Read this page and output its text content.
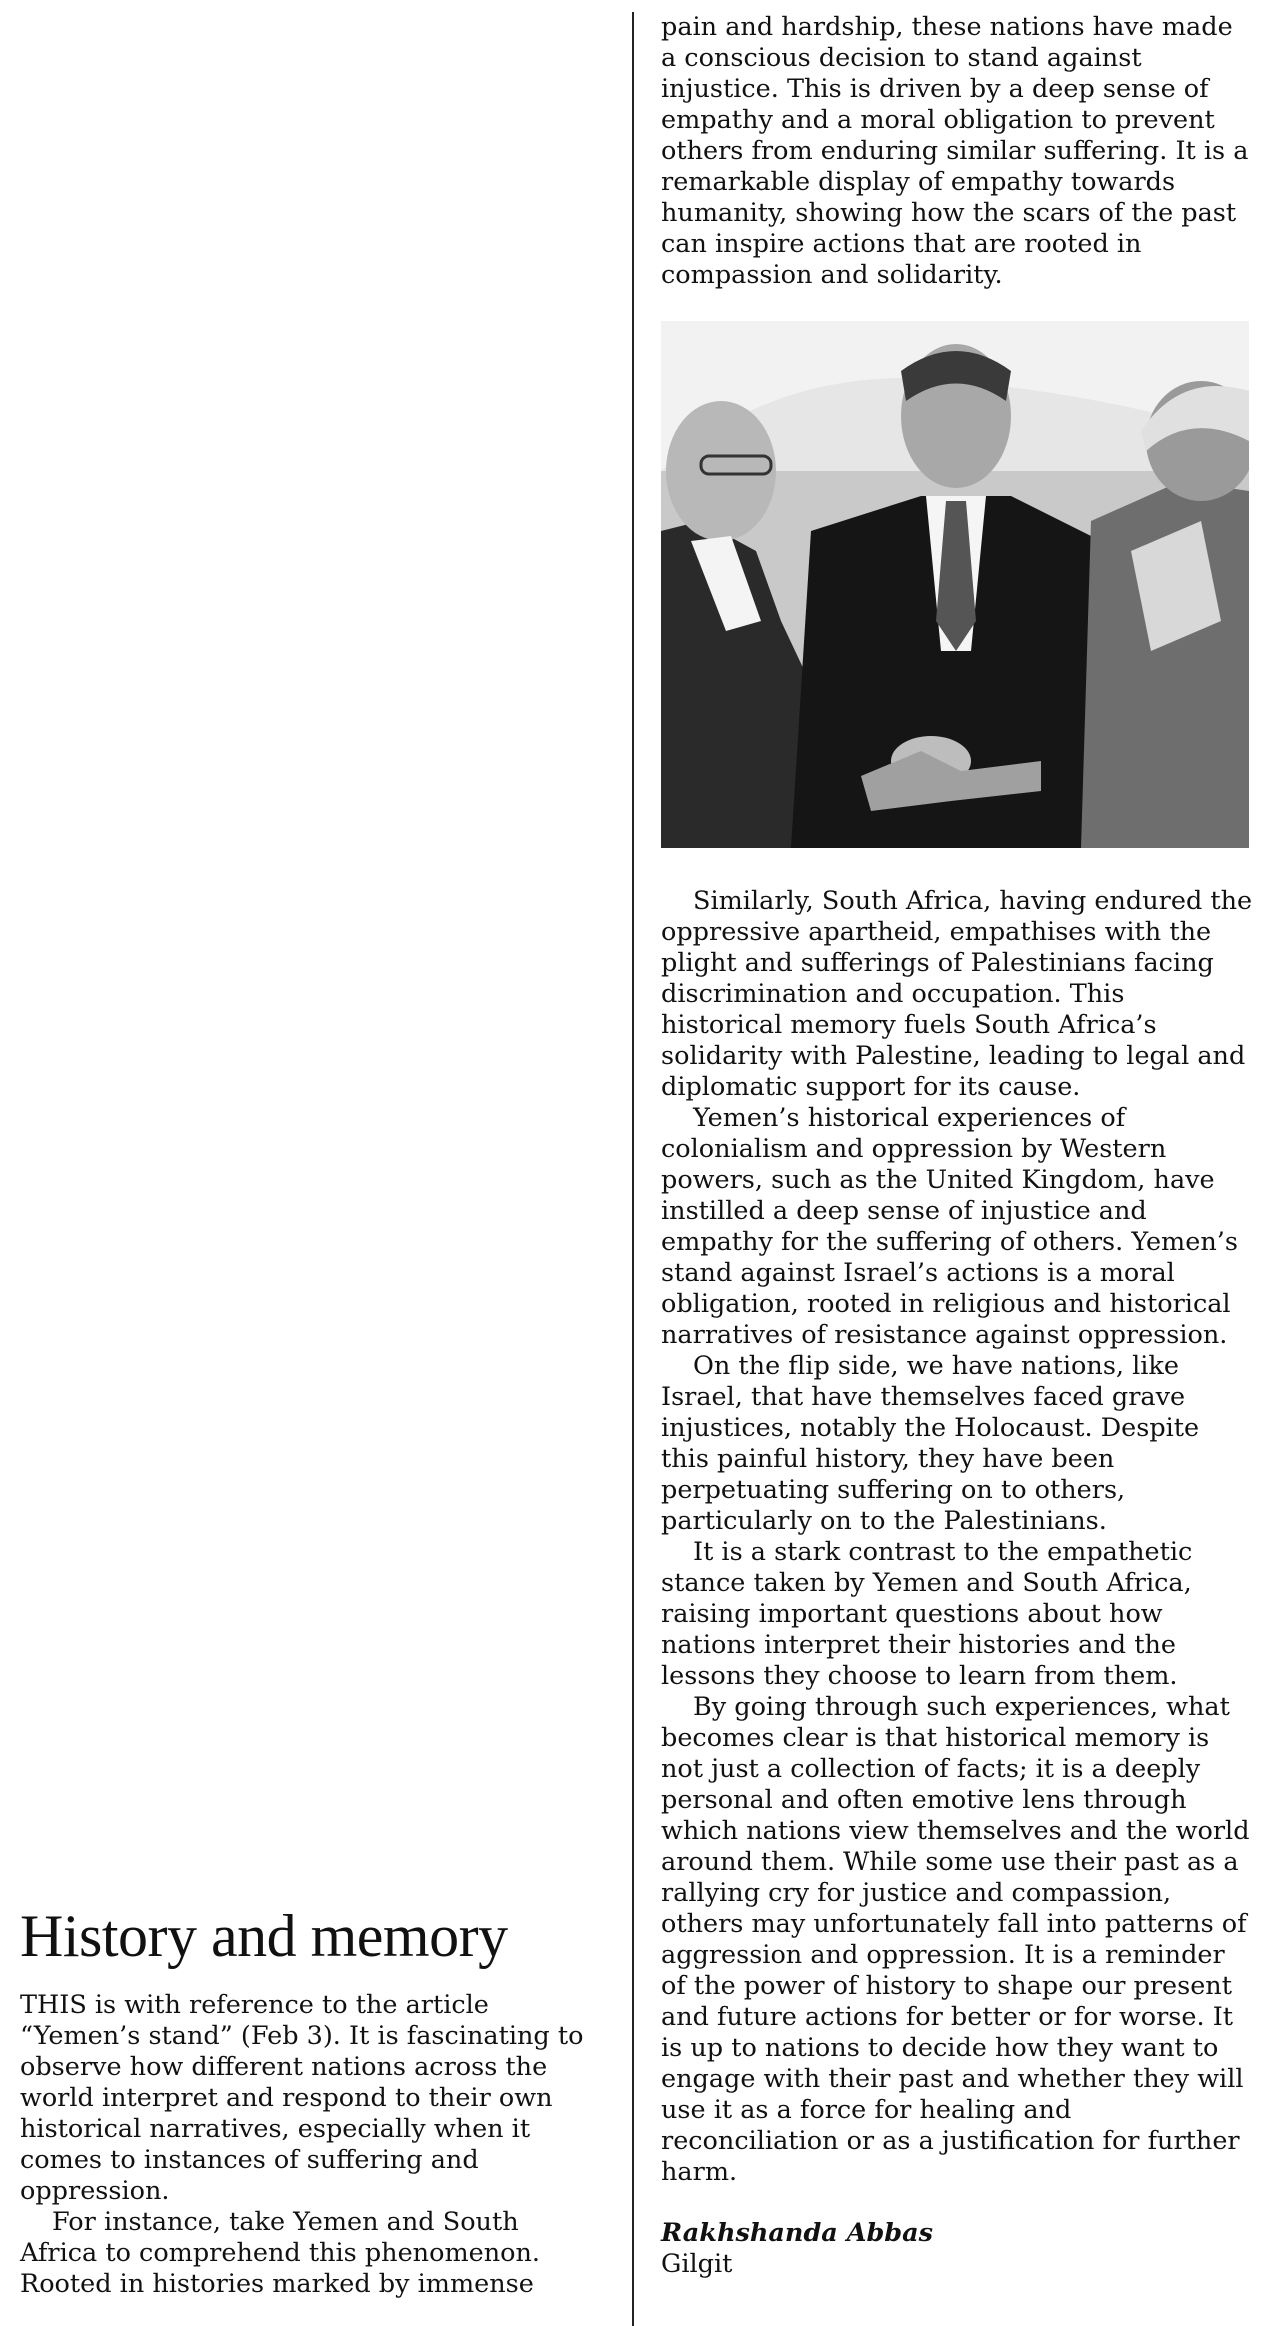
History and memory

THIS is with reference to the article “Yemen’s stand” (Feb 3). It is fascinating to observe how different nations across the world interpret and respond to their own historical narratives, especially when it comes to instances of suffering and oppression.

For instance, take Yemen and South Africa to comprehend this phenomenon. Rooted in histories marked by immense

pain and hardship, these nations have made a conscious decision to stand against injustice. This is driven by a deep sense of empathy and a moral obligation to prevent others from enduring similar suffering. It is a remarkable display of empathy towards humanity, showing how the scars of the past can inspire actions that are rooted in compassion and solidarity.

Similarly, South Africa, having endured the oppressive apartheid, empathises with the plight and sufferings of Palestinians facing discrimination and occupation. This historical memory fuels South Africa’s solidarity with Palestine, leading to legal and diplomatic support for its cause.

Yemen’s historical experiences of colonialism and oppression by Western powers, such as the United Kingdom, have instilled a deep sense of injustice and empathy for the suffering of others. Yemen’s stand against Israel’s actions is a moral obligation, rooted in religious and historical narratives of resistance against oppression.

On the flip side, we have nations, like Israel, that have themselves faced grave injustices, notably the Holocaust. Despite this painful history, they have been perpetuating suffering on to others, particularly on to the Palestinians.

It is a stark contrast to the empathetic stance taken by Yemen and South Africa, raising important questions about how nations interpret their histories and the lessons they choose to learn from them.

By going through such experiences, what becomes clear is that historical memory is not just a collection of facts; it is a deeply personal and often emotive lens through which nations view themselves and the world around them. While some use their past as a rallying cry for justice and compassion, others may unfortunately fall into patterns of aggression and oppression. It is a reminder of the power of history to shape our present and future actions for better or for worse. It is up to nations to decide how they want to engage with their past and whether they will use it as a force for healing and reconciliation or as a justification for further harm.

Rakhshanda Abbas
Gilgit
